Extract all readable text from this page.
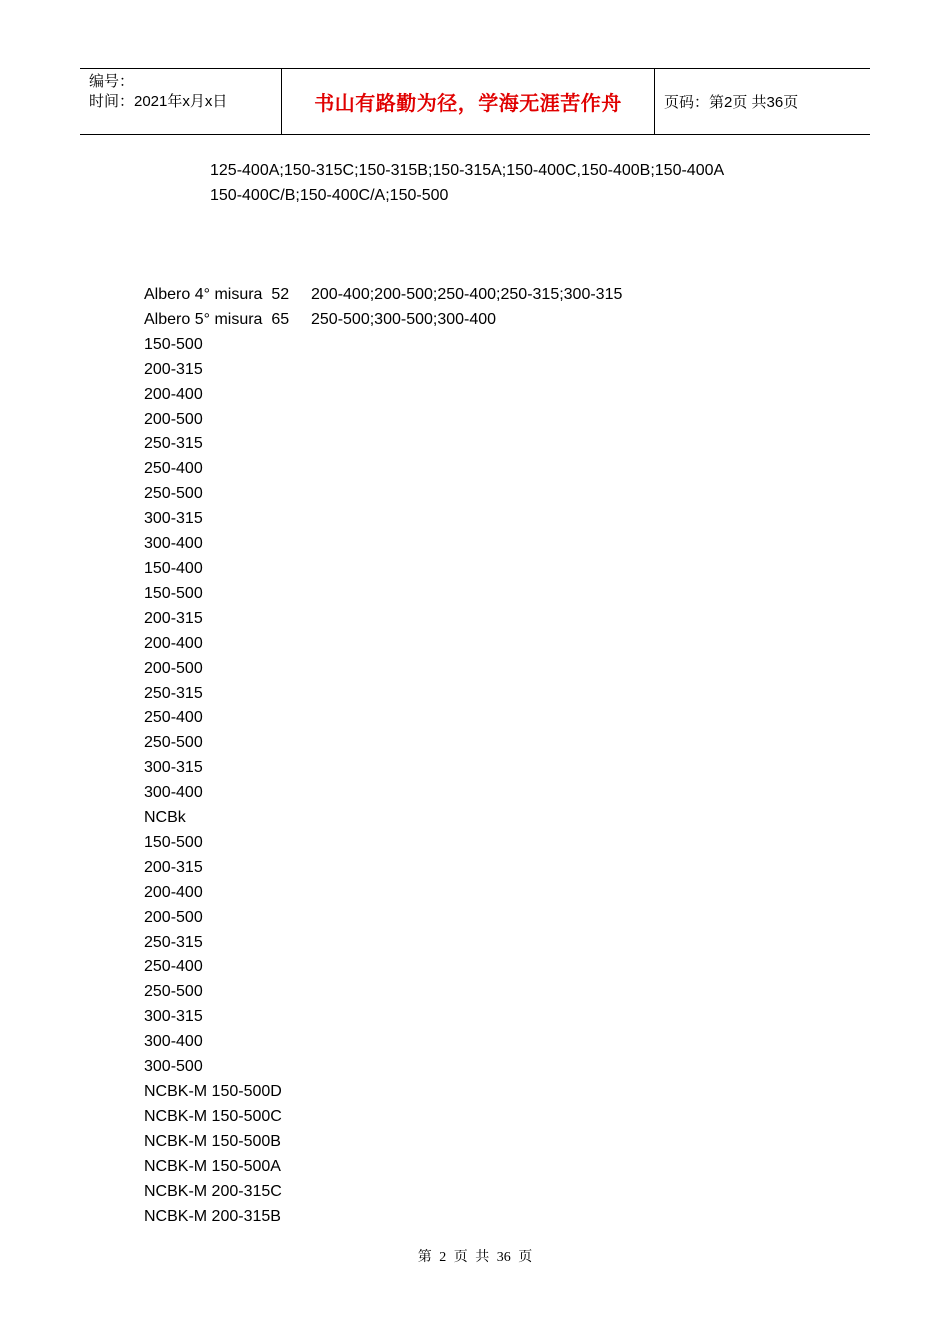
编号：
时间：2021年x月x日	书山有路勤为径，学海无涯苦作舟	页码：第2页 共36页
125-400A;150-315C;150-315B;150-315A;150-400C,150-400B;150-400A
150-400C/B;150-400C/A;150-500
Albero 4° misura  52 200-400;200-500;250-400;250-315;300-315
Albero 5° misura  65 250-500;300-500;300-400
150-500
200-315
200-400
200-500
250-315
250-400
250-500
300-315
300-400
150-400
150-500
200-315
200-400
200-500
250-315
250-400
250-500
300-315
300-400
NCBk
150-500
200-315
200-400
200-500
250-315
250-400
250-500
300-315
300-400
300-500
NCBK-M 150-500D
NCBK-M 150-500C
NCBK-M 150-500B
NCBK-M 150-500A
NCBK-M 200-315C
NCBK-M 200-315B
第 2 页 共 36 页
